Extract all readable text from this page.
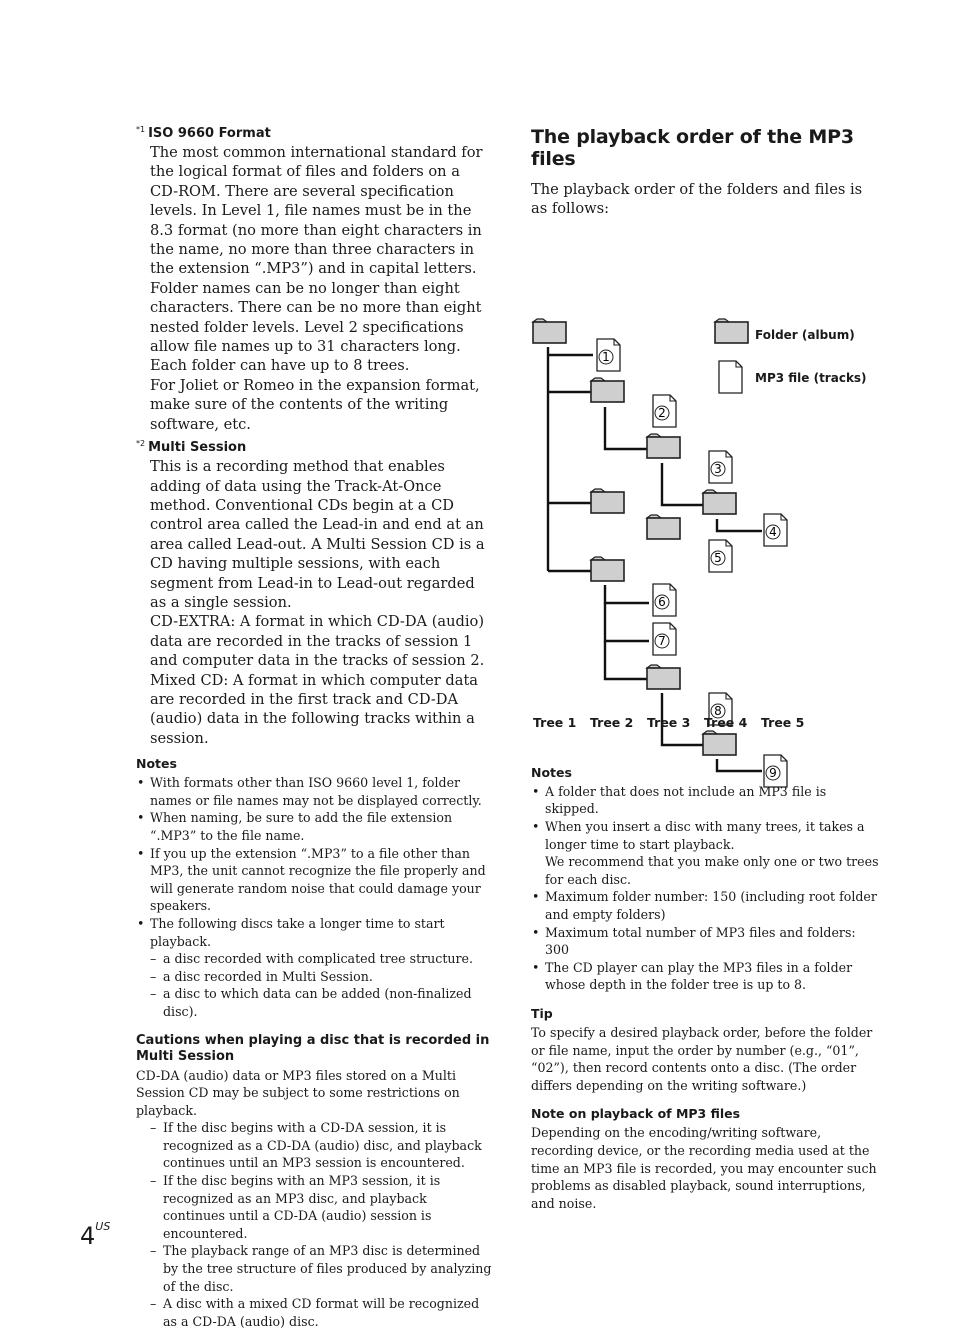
*1 ISO 9660 Format

The most common international standard for the logical format of files and folders on a CD-ROM. There are several specification levels. In Level 1, file names must be in the 8.3 format (no more than eight characters in the name, no more than three characters in the extension “.MP3”) and in capital letters. Folder names can be no longer than eight characters. There can be no more than eight nested folder levels. Level 2 specifications allow file names up to 31 characters long.

Each folder can have up to 8 trees.

For Joliet or Romeo in the expansion format, make sure of the contents of the writing software, etc.

*2 Multi Session

This is a recording method that enables adding of data using the Track-At-Once method. Conventional CDs begin at a CD control area called the Lead-in and end at an area called Lead-out. A Multi Session CD is a CD having multiple sessions, with each segment from Lead-in to Lead-out regarded as a single session.

CD-EXTRA: A format in which CD-DA (audio) data are recorded in the tracks of session 1 and computer data in the tracks of session 2.

Mixed CD: A format in which computer data are recorded in the first track and CD-DA (audio) data in the following tracks within a session.

Notes
• With formats other than ISO 9660 level 1, folder names or file names may not be displayed correctly.
• When naming, be sure to add the file extension “.MP3” to the file name.
• If you up the extension “.MP3” to a file other than MP3, the unit cannot recognize the file properly and will generate random noise that could damage your speakers.
• The following discs take a longer time to start playback.
– a disc recorded with complicated tree structure.
– a disc recorded in Multi Session.
– a disc to which data can be added (non-finalized disc).
Cautions when playing a disc that is recorded in Multi Session

CD-DA (audio) data or MP3 files stored on a Multi Session CD may be subject to some restrictions on playback.

– If the disc begins with a CD-DA session, it is recognized as a CD-DA (audio) disc, and playback continues until an MP3 session is encountered.
– If the disc begins with an MP3 session, it is recognized as an MP3 disc, and playback continues until a CD-DA (audio) session is encountered.
– The playback range of an MP3 disc is determined by the tree structure of files produced by analyzing of the disc.
– A disc with a mixed CD format will be recognized as a CD-DA (audio) disc.
The playback order of the MP3 files

The playback order of the folders and files is as follows:

1
2
3
4
5
6
7
8
9
Folder (album)
MP3 file (tracks)
Tree 1 Tree 2 Tree 3 Tree 4 Tree 5
Notes
• A folder that does not include an MP3 file is skipped.
• When you insert a disc with many trees, it takes a longer time to start playback.
We recommend that you make only one or two trees for each disc.
• Maximum folder number: 150 (including root folder and empty folders)
• Maximum total number of MP3 files and folders: 300
• The CD player can play the MP3 files in a folder whose depth in the folder tree is up to 8.
Tip

To specify a desired playback order, before the folder or file name, input the order by number (e.g., “01”, “02”), then record contents onto a disc. (The order differs depending on the writing software.)

Note on playback of MP3 files

Depending on the encoding/writing software, recording device, or the recording media used at the time an MP3 file is recorded, you may encounter such problems as disabled playback, sound interruptions, and noise.

$4^{US}$
